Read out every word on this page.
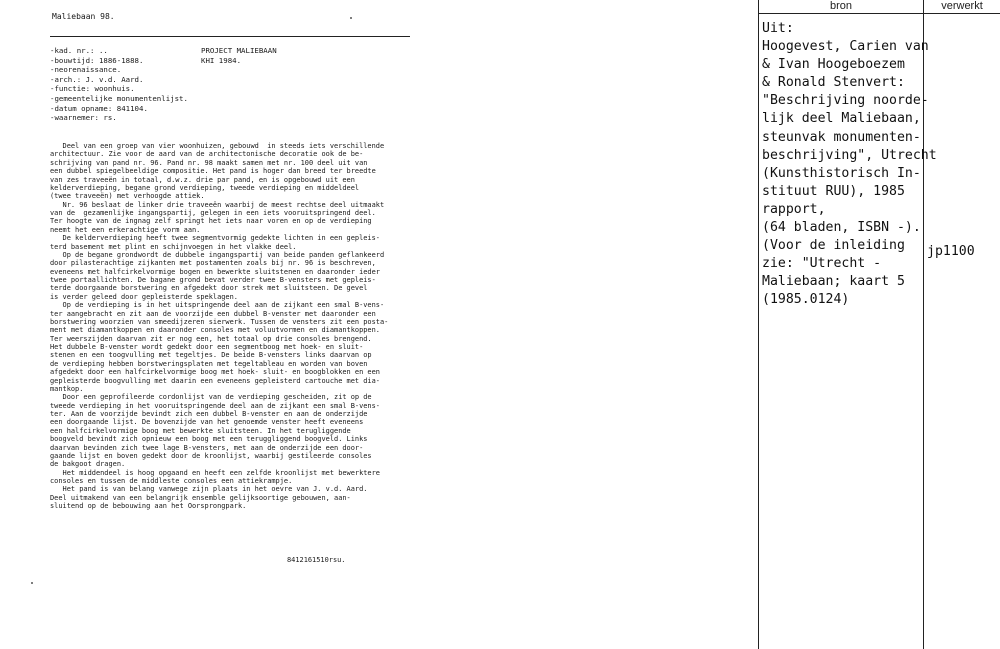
Maliebaan 98.
-kad. nr.: ..
-bouwtijd: 1886-1888.
-neorenaissance.
-arch.: J. v.d. Aard.
-functie: woonhuis.
-gemeentelijke monumentenlijst.
-datum opname: 841104.
-waarnemer: rs.
PROJECT MALIEBAAN
KHI 1984.
Deel van een groep van vier woonhuizen, gebouwd  in steeds iets verschillende
architectuur. Zie voor de aard van de architectonische decoratie ook de be-
schrijving van pand nr. 96. Pand nr. 98 maakt samen met nr. 100 deel uit van
een dubbel spiegelbeeldige compositie. Het pand is hoger dan breed ter breedte
van zes traveeën in totaal, d.w.z. drie par pand, en is opgebouwd uit een
kelderverdieping, begane grond verdieping, tweede verdieping en middeldeel
(twee traveeën) met verhoogde attiek.
Nr. 96 beslaat de linker drie traveeën waarbij de meest rechtse deel uitmaakt
van de  gezamenlijke ingangspartij, gelegen in een iets vooruitspringend deel.
Ter hoogte van de ingnag zelf springt het iets naar voren en op de verdieping
neemt het een erkerachtige vorm aan.
De kelderverdieping heeft twee segmentvormig gedekte lichten in een gepleis-
terd basement met plint en schijnvoegen in het vlakke deel.
Op de begane grondwordt de dubbele ingangspartij van beide panden geflankeerd
door pilasterachtige zijkanten met postamenten zoals bij nr. 96 is beschreven,
eveneens met halfcirkelvormige bogen en bewerkte sluitstenen en daaronder ieder
twee portaallichten. De bagane grond bevat verder twee B-vensters met gepleis-
terde doorgaande borstwering en afgedekt door strek met sluitsteen. De gevel
is verder geleed door gepleisterde speklagen.
Op de verdieping is in het uitspringende deel aan de zijkant een smal B-vens-
ter aangebracht en zit aan de voorzijde een dubbel B-venster met daaronder een
borstwering woorzien van smeedijzeren sierwerk. Tussen de vensters zit een posta-
ment met diamantkoppen en daaronder consoles met voluutvormen en diamantkoppen.
Ter weerszijden daarvan zit er nog een, het totaal op drie consoles brengend.
Het dubbele B-venster wordt gedekt door een segmentboog met hoek- en sluit-
stenen en een toogvulling met tegeltjes. De beide B-vensters links daarvan op
de verdieping hebben borstweringsplaten met tegeltableau en worden van boven
afgedekt door een halfcirkelvormige boog met hoek- sluit- en boogblokken en een
gepleisterde boogvulling met daarin een eveneens gepleisterd cartouche met dia-
mantkop.
Door een geprofileerde cordonlijst van de verdieping gescheiden, zit op de
tweede verdieping in het vooruitspringende deel aan de zijkant een smal B-vens-
ter. Aan de voorzijde bevindt zich een dubbel B-venster en aan de onderzijde
een doorgaande lijst. De bovenzijde van het genoemde venster heeft eveneens
een halfcirkelvormige boog met bewerkte sluitsteen. In het terugliggende
boogveld bevindt zich opnieuw een boog met een teruggliggend boogveld. Links
daarvan bevinden zich twee lage B-vensters, met aan de onderzijde een door-
gaande lijst en boven gedekt door de kroonlijst, waarbij gestileerde consoles
de bakgoot dragen.
Het middendeel is hoog opgaand en heeft een zelfde kroonlijst met bewerktere
consoles en tussen de middleste consoles een attiekrampje.
Het pand is van belang vanwege zijn plaats in het oevre van J. v.d. Aard.
Deel uitmakend van een belangrijk ensemble gelijksoortige gebouwen, aan-
sluitend op de bebouwing aan het Oorsprongpark.
8412161510rsu.
bron	verwerkt
Uit:
Hoogevest, Carien van
& Ivan Hoogeboezem
& Ronald Stenvert:
"Beschrijving noorde-
lijk deel Maliebaan,
steunvak monumenten-
beschrijving", Utrecht
(Kunsthistorisch In-
stituut RUU), 1985
rapport,
(64 bladen, ISBN -).
(Voor de inleiding
zie: "Utrecht -
Maliebaan; kaart 5
(1985.0124)
jp1100
